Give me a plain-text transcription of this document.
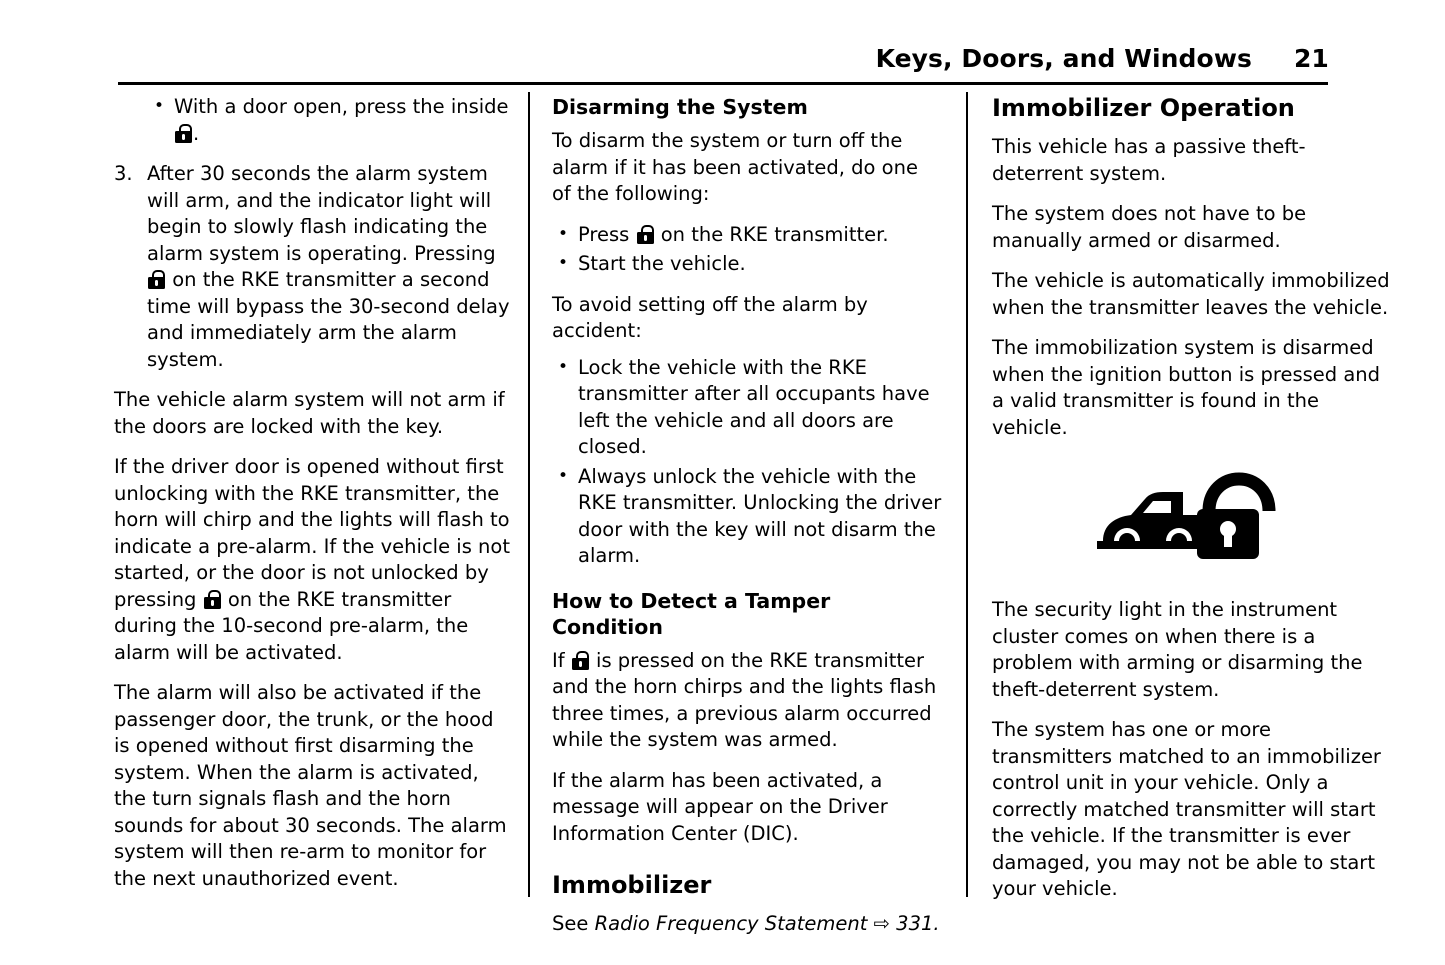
Keys, Doors, and Windows 21
• With a door open, press the inside
.
3. After 30 seconds the alarm system will arm, and the indicator light will begin to slowly flash indicating the alarm system is operating. Pressing
on the RKE transmitter a second time will bypass the 30-second delay and immediately arm the alarm system.

The vehicle alarm system will not arm if the doors are locked with the key.

If the driver door is opened without first unlocking with the RKE transmitter, the horn will chirp and the lights will flash to indicate a pre-alarm. If the vehicle is not started, or the door is not unlocked by pressing on the RKE transmitter during the 10-second pre-alarm, the alarm will be activated.

The alarm will also be activated if the passenger door, the trunk, or the hood is opened without first disarming the system. When the alarm is activated, the turn signals flash and the horn sounds for about 30 seconds. The alarm system will then re-arm to monitor for the next unauthorized event.

Disarming the System

To disarm the system or turn off the alarm if it has been activated, do one of the following:

• Press on the RKE transmitter.
• Start the vehicle.

To avoid setting off the alarm by accident:

• Lock the vehicle with the RKE transmitter after all occupants have left the vehicle and all doors are closed.
• Always unlock the vehicle with the RKE transmitter. Unlocking the driver door with the key will not disarm the alarm.
How to Detect a Tamper Condition

If is pressed on the RKE transmitter and the horn chirps and the lights flash three times, a previous alarm occurred while the system was armed.

If the alarm has been activated, a message will appear on the Driver Information Center (DIC).

Immobilizer

See Radio Frequency Statement ⇨ 331.

Immobilizer Operation

This vehicle has a passive theft-deterrent system.

The system does not have to be manually armed or disarmed.

The vehicle is automatically immobilized when the transmitter leaves the vehicle.

The immobilization system is disarmed when the ignition button is pressed and a valid transmitter is found in the vehicle.

The security light in the instrument cluster comes on when there is a problem with arming or disarming the theft-deterrent system.

The system has one or more transmitters matched to an immobilizer control unit in your vehicle. Only a correctly matched transmitter will start the vehicle. If the transmitter is ever damaged, you may not be able to start your vehicle.
